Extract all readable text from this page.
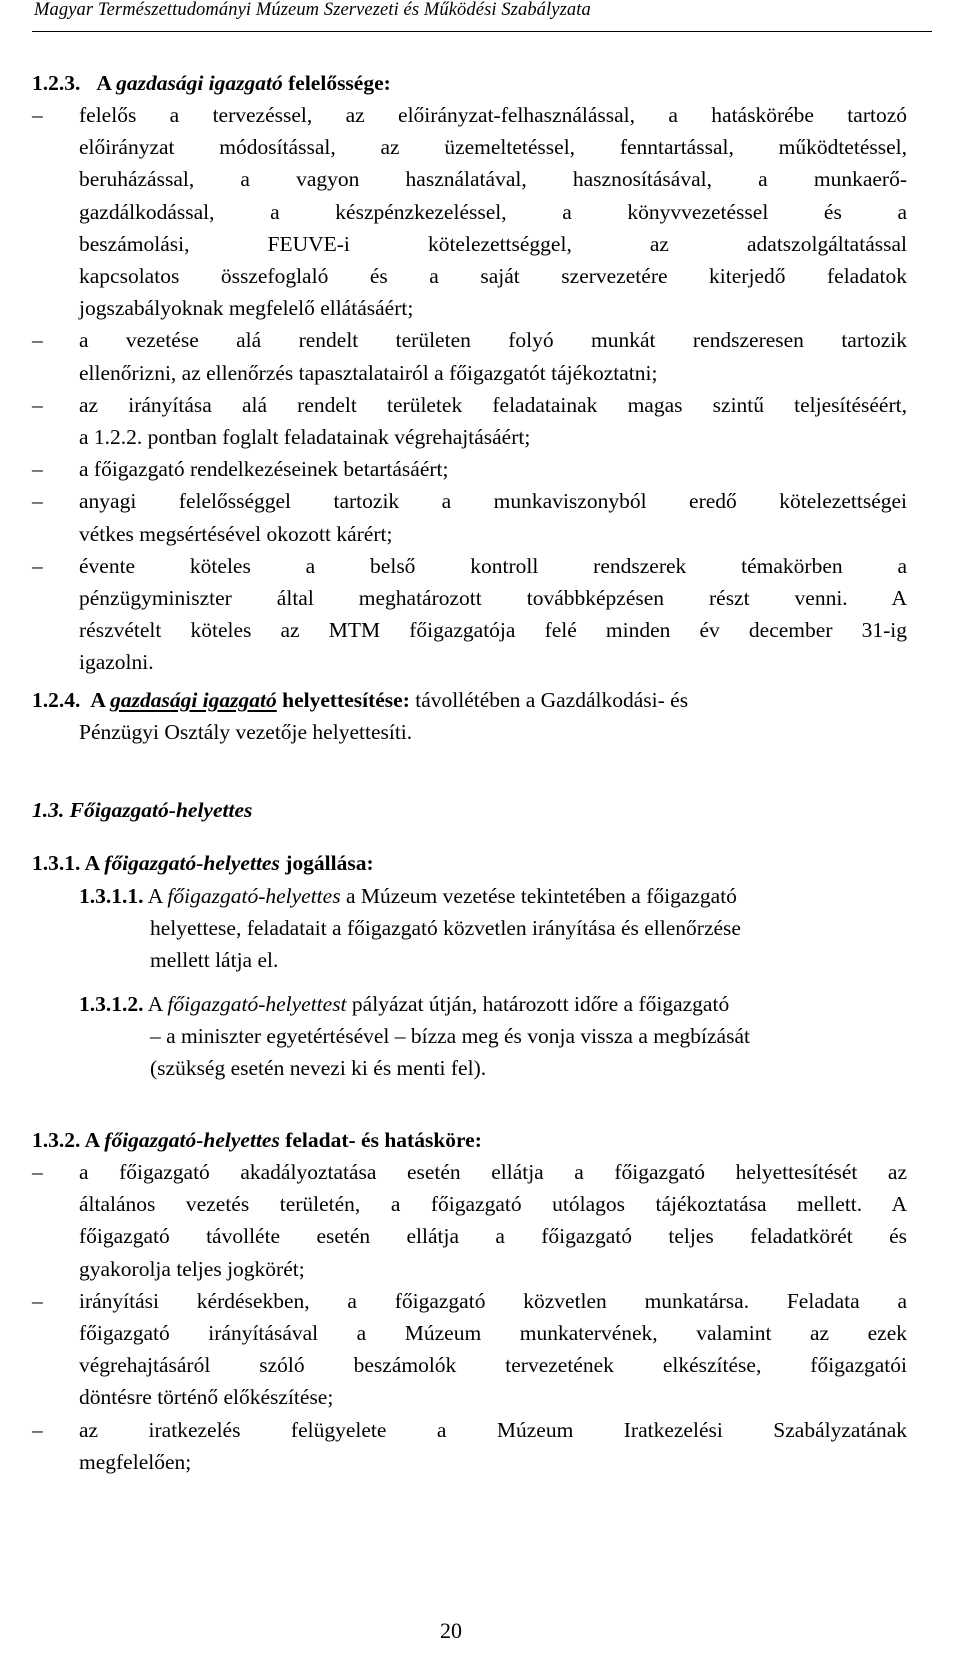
Magyar Természettudományi Múzeum Szervezeti és Működési Szabályzata
1.2.3. A gazdasági igazgató felelőssége:
– felelős a tervezéssel, az előirányzat-felhasználással, a hatáskörébe tartozó
előirányzat módosítással, az üzemeltetéssel, fenntartással, működtetéssel,
beruházással, a vagyon használatával, hasznosításával, a munkaerő-
gazdálkodással, a készpénzkezeléssel, a könyvvezetéssel és a
beszámolási, FEUVE-i kötelezettséggel, az adatszolgáltatással
kapcsolatos összefoglaló és a saját szervezetére kiterjedő feladatok
jogszabályoknak megfelelő ellátásáért;
– a vezetése alá rendelt területen folyó munkát rendszeresen tartozik
ellenőrizni, az ellenőrzés tapasztalatairól a főigazgatót tájékoztatni;
– az irányítása alá rendelt területek feladatainak magas szintű teljesítéséért,
a 1.2.2. pontban foglalt feladatainak végrehajtásáért;
– a főigazgató rendelkezéseinek betartásáért;
– anyagi felelősséggel tartozik a munkaviszonyból eredő kötelezettségei
vétkes megsértésével okozott kárért;
– évente köteles a belső kontroll rendszerek témakörben a
pénzügyminiszter által meghatározott továbbképzésen részt venni. A
részvételt köteles az MTM főigazgatója felé minden év december 31-ig
igazolni.
1.2.4. A gazdasági igazgató helyettesítése: távollétében a Gazdálkodási- és
Pénzügyi Osztály vezetője helyettesíti.
1.3. Főigazgató-helyettes
1.3.1. A főigazgató-helyettes jogállása:
1.3.1.1. A főigazgató-helyettes a Múzeum vezetése tekintetében a főigazgató
helyettese, feladatait a főigazgató közvetlen irányítása és ellenőrzése
mellett látja el.
1.3.1.2. A főigazgató-helyettest pályázat útján, határozott időre a főigazgató
– a miniszter egyetértésével – bízza meg és vonja vissza a megbízását
(szükség esetén nevezi ki és menti fel).
1.3.2. A főigazgató-helyettes feladat- és hatásköre:
– a főigazgató akadályoztatása esetén ellátja a főigazgató helyettesítését az
általános vezetés területén, a főigazgató utólagos tájékoztatása mellett. A
főigazgató távolléte esetén ellátja a főigazgató teljes feladatkörét és
gyakorolja teljes jogkörét;
– irányítási kérdésekben, a főigazgató közvetlen munkatársa. Feladata a
főigazgató irányításával a Múzeum munkatervének, valamint az ezek
végrehajtásáról szóló beszámolók tervezetének elkészítése, főigazgatói
döntésre történő előkészítése;
– az iratkezelés felügyelete a Múzeum Iratkezelési Szabályzatának
megfelelően;
20
